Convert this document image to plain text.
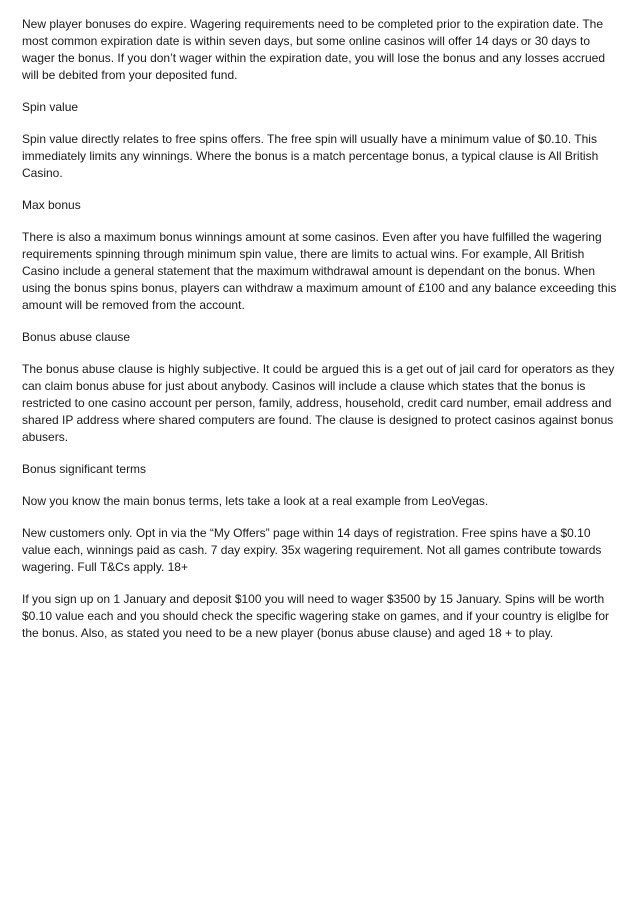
New player bonuses do expire. Wagering requirements need to be completed prior to the expiration date. The most common expiration date is within seven days, but some online casinos will offer 14 days or 30 days to wager the bonus. If you don’t wager within the expiration date, you will lose the bonus and any losses accrued will be debited from your deposited fund.

Spin value

Spin value directly relates to free spins offers. The free spin will usually have a minimum value of $0.10. This immediately limits any winnings. Where the bonus is a match percentage bonus, a typical clause is All British Casino.

Max bonus

There is also a maximum bonus winnings amount at some casinos. Even after you have fulfilled the wagering requirements spinning through minimum spin value, there are limits to actual wins. For example, All British Casino include a general statement that the maximum withdrawal amount is dependant on the bonus. When using the bonus spins bonus, players can withdraw a maximum amount of £100 and any balance exceeding this amount will be removed from the account.

Bonus abuse clause

The bonus abuse clause is highly subjective. It could be argued this is a get out of jail card for operators as they can claim bonus abuse for just about anybody. Casinos will include a clause which states that the bonus is restricted to one casino account per person, family, address, household, credit card number, email address and shared IP address where shared computers are found. The clause is designed to protect casinos against bonus abusers.

Bonus significant terms

Now you know the main bonus terms, lets take a look at a real example from LeoVegas.

New customers only. Opt in via the “My Offers” page within 14 days of registration. Free spins have a $0.10 value each, winnings paid as cash. 7 day expiry. 35x wagering requirement. Not all games contribute towards wagering. Full T&Cs apply. 18+

If you sign up on 1 January and deposit $100 you will need to wager $3500 by 15 January. Spins will be worth $0.10 value each and you should check the specific wagering stake on games, and if your country is eliglbe for the bonus. Also, as stated you need to be a new player (bonus abuse clause) and aged 18 + to play.
